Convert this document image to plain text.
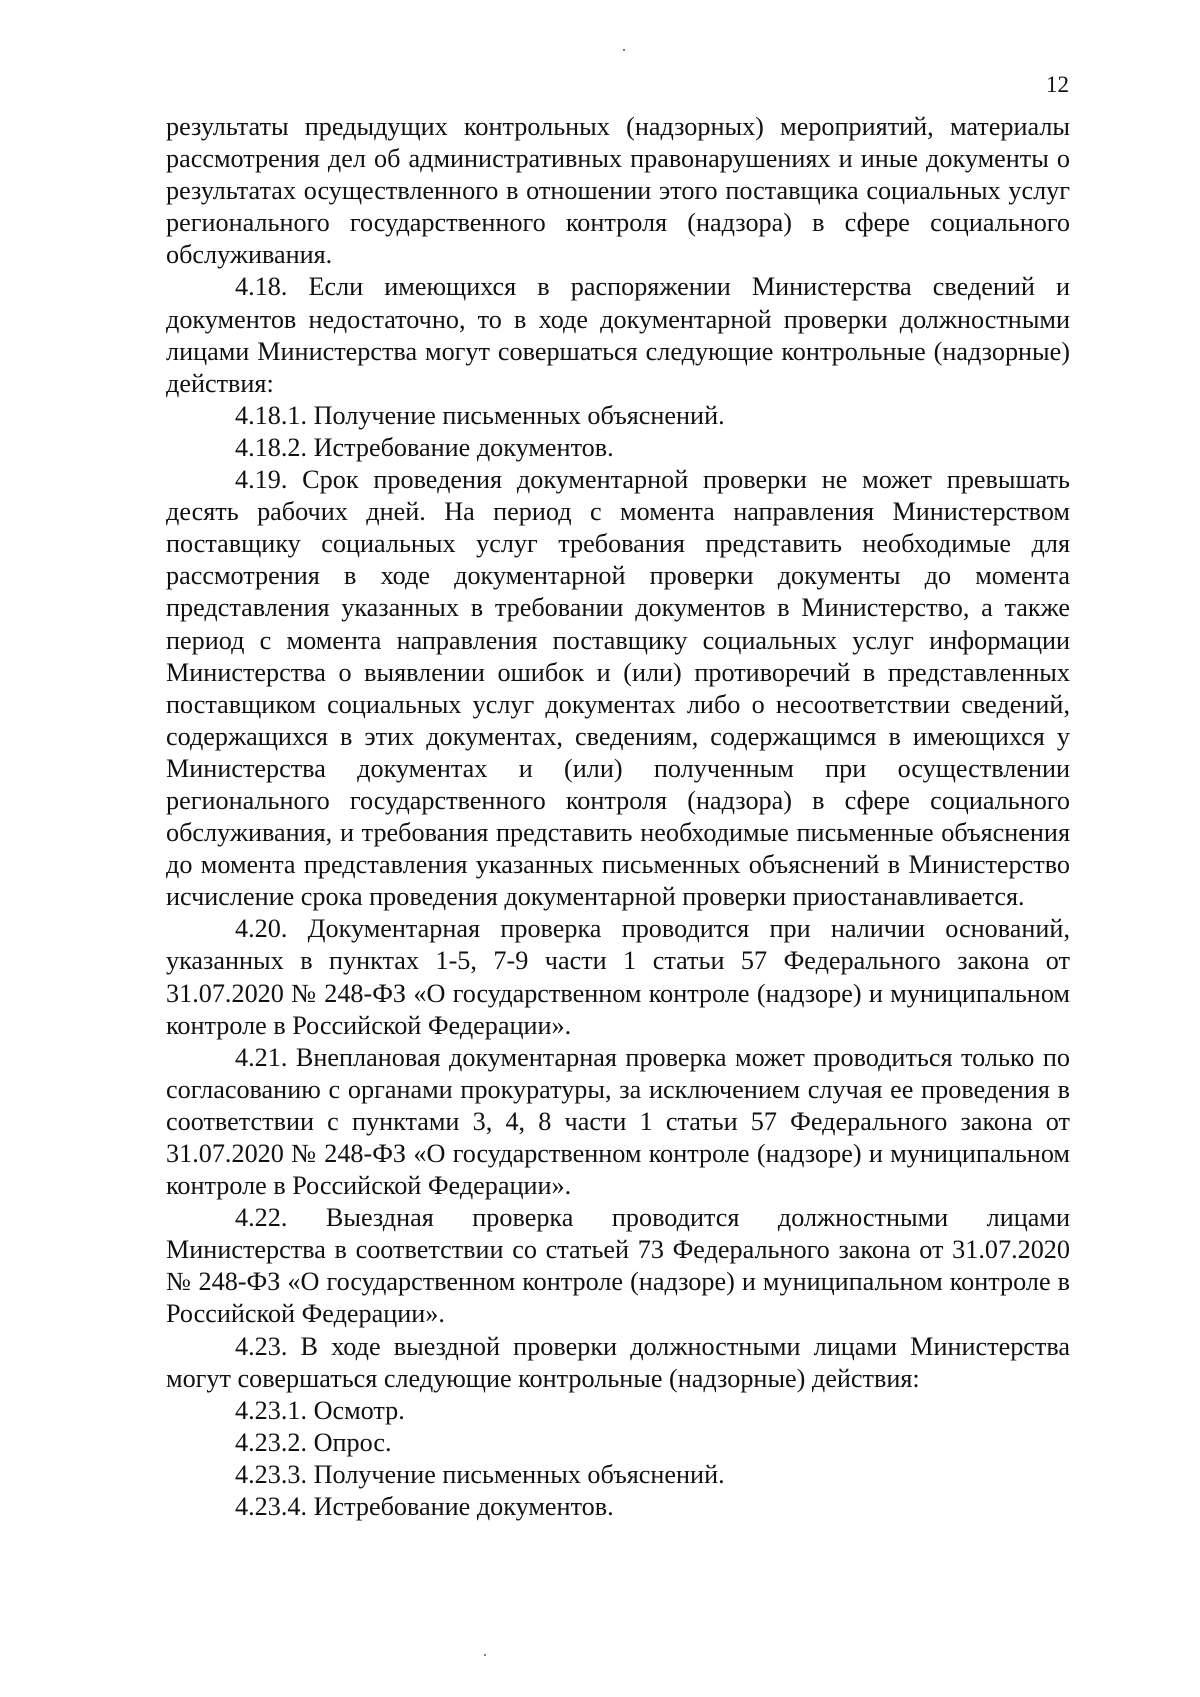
12

результаты предыдущих контрольных (надзорных) мероприятий, материалы рассмотрения дел об административных правонарушениях и иные документы о результатах осуществленного в отношении этого поставщика социальных услуг регионального государственного контроля (надзора) в сфере социального обслуживания.

4.18. Если имеющихся в распоряжении Министерства сведений и документов недостаточно, то в ходе документарной проверки должностными лицами Министерства могут совершаться следующие контрольные (надзорные) действия:

4.18.1. Получение письменных объяснений.

4.18.2. Истребование документов.

4.19. Срок проведения документарной проверки не может превышать десять рабочих дней. На период с момента направления Министерством поставщику социальных услуг требования представить необходимые для рассмотрения в ходе документарной проверки документы до момента представления указанных в требовании документов в Министерство, а также период с момента направления поставщику социальных услуг информации Министерства о выявлении ошибок и (или) противоречий в представленных поставщиком социальных услуг документах либо о несоответствии сведений, содержащихся в этих документах, сведениям, содержащимся в имеющихся у Министерства документах и (или) полученным при осуществлении регионального государственного контроля (надзора) в сфере социального обслуживания, и требования представить необходимые письменные объяснения до момента представления указанных письменных объяснений в Министерство исчисление срока проведения документарной проверки приостанавливается.

4.20. Документарная проверка проводится при наличии оснований, указанных в пунктах 1-5, 7-9 части 1 статьи 57 Федерального закона от 31.07.2020 № 248-ФЗ «О государственном контроле (надзоре) и муниципальном контроле в Российской Федерации».

4.21. Внеплановая документарная проверка может проводиться только по согласованию с органами прокуратуры, за исключением случая ее проведения в соответствии с пунктами 3, 4, 8 части 1 статьи 57 Федерального закона от 31.07.2020 № 248-ФЗ «О государственном контроле (надзоре) и муниципальном контроле в Российской Федерации».

4.22. Выездная проверка проводится должностными лицами Министерства в соответствии со статьей 73 Федерального закона от 31.07.2020 № 248-ФЗ «О государственном контроле (надзоре) и муниципальном контроле в Российской Федерации».

4.23. В ходе выездной проверки должностными лицами Министерства могут совершаться следующие контрольные (надзорные) действия:

4.23.1. Осмотр.

4.23.2. Опрос.

4.23.3. Получение письменных объяснений.

4.23.4. Истребование документов.
